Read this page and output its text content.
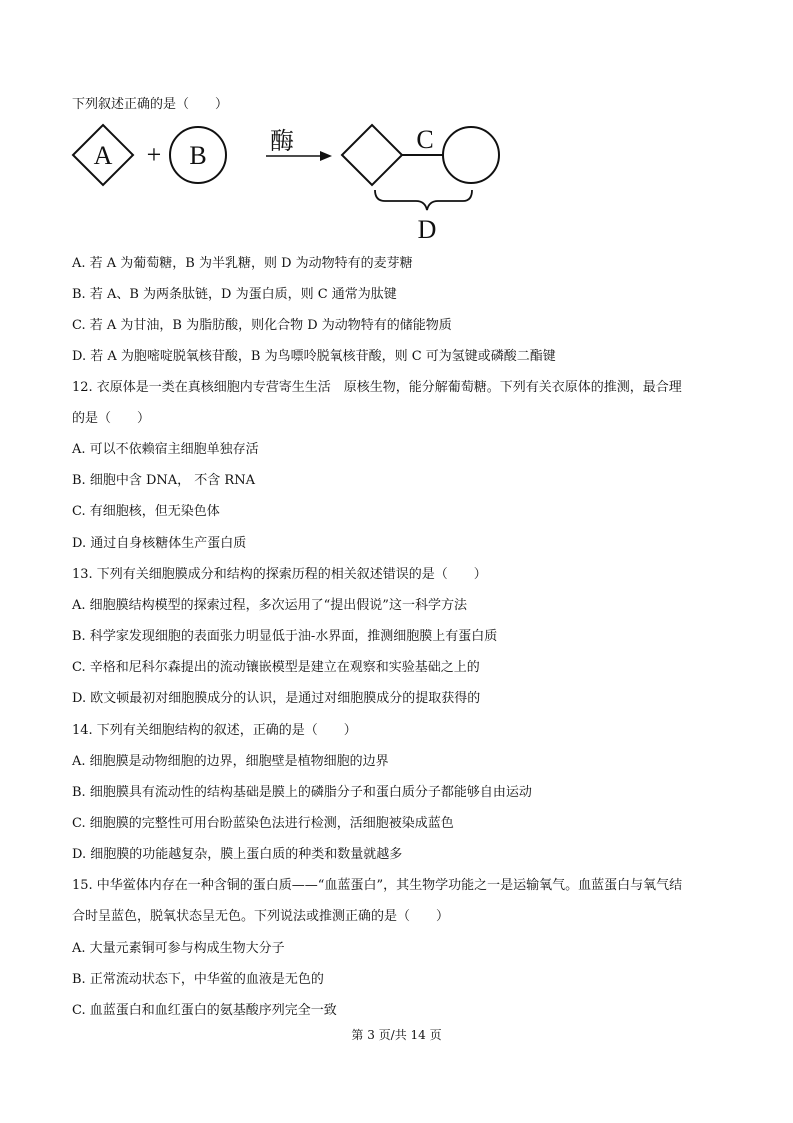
下列叙述正确的是（　　）
A + B	酶	C
D
A. 若 A 为葡萄糖，B 为半乳糖，则 D 为动物特有的麦芽糖
B. 若 A、B 为两条肽链，D 为蛋白质，则 C 通常为肽键
C. 若 A 为甘油，B 为脂肪酸，则化合物 D 为动物特有的储能物质
D. 若 A 为胞嘧啶脱氧核苷酸，B 为鸟嘌呤脱氧核苷酸，则 C 可为氢键或磷酸二酯键
12. 衣原体是一类在真核细胞内专营寄生生活　原核生物，能分解葡萄糖。下列有关衣原体的推测，最合理
的是（　　）
A. 可以不依赖宿主细胞单独存活
B. 细胞中含 DNA， 不含 RNA
C. 有细胞核，但无染色体
D. 通过自身核糖体生产蛋白质
13. 下列有关细胞膜成分和结构的探索历程的相关叙述错误的是（　　）
A. 细胞膜结构模型的探索过程，多次运用了“提出假说”这一科学方法
B. 科学家发现细胞的表面张力明显低于油-水界面，推测细胞膜上有蛋白质
C. 辛格和尼科尔森提出的流动镶嵌模型是建立在观察和实验基础之上的
D. 欧文顿最初对细胞膜成分的认识，是通过对细胞膜成分的提取获得的
14. 下列有关细胞结构的叙述，正确的是（　　）
A. 细胞膜是动物细胞的边界，细胞壁是植物细胞的边界
B. 细胞膜具有流动性的结构基础是膜上的磷脂分子和蛋白质分子都能够自由运动
C. 细胞膜的完整性可用台盼蓝染色法进行检测，活细胞被染成蓝色
D. 细胞膜的功能越复杂，膜上蛋白质的种类和数量就越多
15. 中华鲎体内存在一种含铜的蛋白质——“血蓝蛋白”，其生物学功能之一是运输氧气。血蓝蛋白与氧气结
合时呈蓝色，脱氧状态呈无色。下列说法或推测正确的是（　　）
A. 大量元素铜可参与构成生物大分子
B. 正常流动状态下，中华鲎的血液是无色的
C. 血蓝蛋白和血红蛋白的氨基酸序列完全一致
第 3 页/共 14 页
